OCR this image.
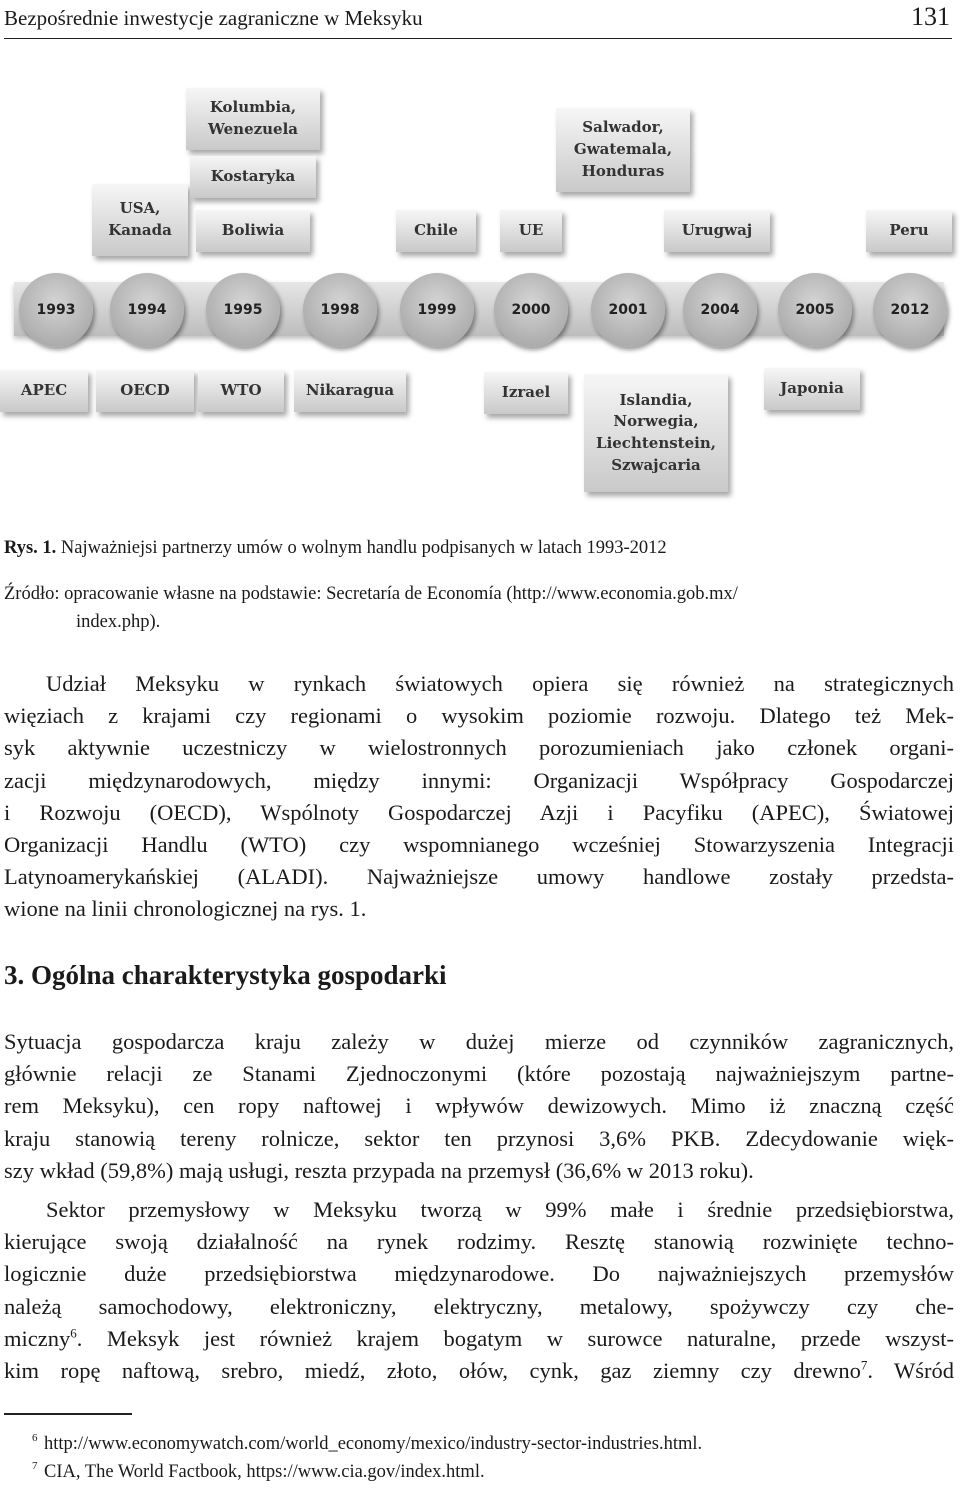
Bezpośrednie inwestycje zagraniczne w Meksyku	131
USA,
Kanada
Kolumbia,
Wenezuela
Kostaryka
Boliwia	Chile	UE
Salwador,
Gwatemala,
Honduras
Urugwaj	Peru
1993	1994	1995	1998	1999	2000	2001	2004	2005	2012
APEC	OECD	WTO	Nikaragua	Izrael	Islandia,
Norwegia,
Liechtenstein,
Szwajcaria
Japonia
Rys. 1. Najważniejsi partnerzy umów o wolnym handlu podpisanych w latach 1993-2012
Źródło: opracowanie własne na podstawie: Secretaría de Economía (http://www.economia.gob.mx/
index.php).
Udział Meksyku w rynkach światowych opiera się również na strategicznych
więziach z krajami czy regionami o wysokim poziomie rozwoju. Dlatego też Mek-
syk aktywnie uczestniczy w wielostronnych porozumieniach jako członek organi-
zacji międzynarodowych, między innymi: Organizacji Współpracy Gospodarczej
i Rozwoju (OECD), Wspólnoty Gospodarczej Azji i Pacyfiku (APEC), Światowej
Organizacji Handlu (WTO) czy wspomnianego wcześniej Stowarzyszenia Integracji
Latynoamerykańskiej (ALADI). Najważniejsze umowy handlowe zostały przedsta-
wione na linii chronologicznej na rys. 1.
3. Ogólna charakterystyka gospodarki
Sytuacja gospodarcza kraju zależy w dużej mierze od czynników zagranicznych,
głównie relacji ze Stanami Zjednoczonymi (które pozostają najważniejszym partne-
rem Meksyku), cen ropy naftowej i wpływów dewizowych. Mimo iż znaczną część
kraju stanowią tereny rolnicze, sektor ten przynosi 3,6% PKB. Zdecydowanie więk-
szy wkład (59,8%) mają usługi, reszta przypada na przemysł (36,6% w 2013 roku).
Sektor przemysłowy w Meksyku tworzą w 99% małe i średnie przedsiębiorstwa,
kierujące swoją działalność na rynek rodzimy. Resztę stanowią rozwinięte techno-
logicznie duże przedsiębiorstwa międzynarodowe. Do najważniejszych przemysłów
należą samochodowy, elektroniczny, elektryczny, metalowy, spożywczy czy che-
miczny$^6$. Meksyk jest również krajem bogatym w surowce naturalne, przede wszyst-
kim ropę naftową, srebro, miedź, złoto, ołów, cynk, gaz ziemny czy drewno$^7$. Wśród
6 http://www.economywatch.com/world_economy/mexico/industry-sector-industries.html.
7 CIA, The World Factbook, https://www.cia.gov/index.html.
